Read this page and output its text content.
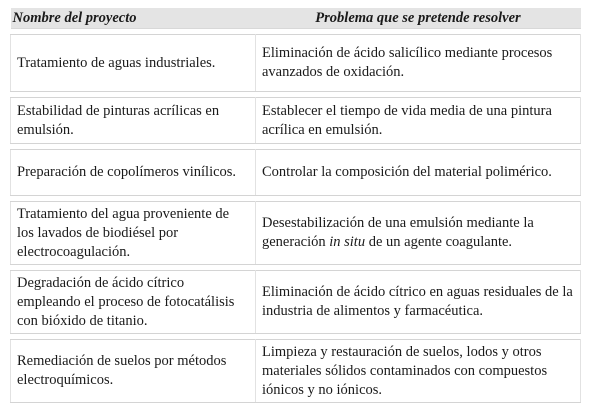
Nombre del proyecto	Problema que se pretende resolver

Tratamiento de aguas industriales.	Eliminación de ácido salicílico mediante procesos avanzados de oxidación.

Estabilidad de pinturas acrílicas en emulsión.	Establecer el tiempo de vida media de una pintura acrílica en emulsión.

Preparación de copolímeros vinílicos.	Controlar la composición del material polimérico.

Tratamiento del agua proveniente de los lavados de biodiésel por electrocoagulación.	Desestabilización de una emulsión mediante la generación in situ de un agente coagulante.

Degradación de ácido cítrico empleando el proceso de fotocatálisis con bióxido de titanio.	Eliminación de ácido cítrico en aguas residuales de la industria de alimentos y farmacéutica.

Remediación de suelos por métodos electroquímicos.	Limpieza y restauración de suelos, lodos y otros materiales sólidos contaminados con compuestos iónicos y no iónicos.
